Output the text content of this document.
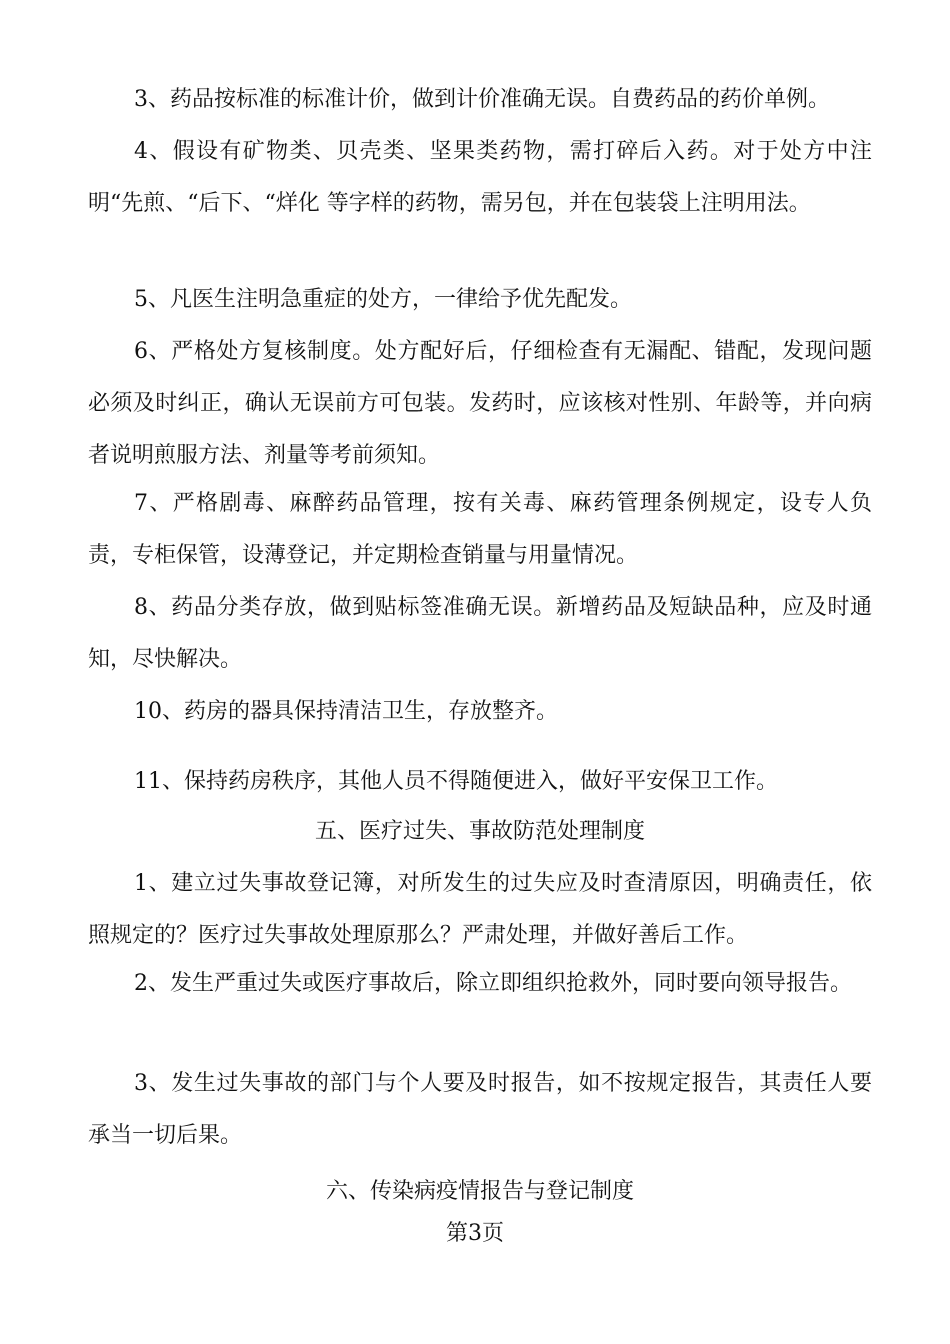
3、药品按标准的标准计价，做到计价准确无误。自费药品的药价单例。

4、假设有矿物类、贝壳类、坚果类药物，需打碎后入药。对于处方中注明“先煎、“后下、“烊化 等字样的药物，需另包，并在包装袋上注明用法。

5、凡医生注明急重症的处方，一律给予优先配发。

6、严格处方复核制度。处方配好后，仔细检查有无漏配、错配，发现问题必须及时纠正，确认无误前方可包装。发药时，应该核对性别、年龄等，并向病者说明煎服方法、剂量等考前须知。

7、严格剧毒、麻醉药品管理，按有关毒、麻药管理条例规定，设专人负责，专柜保管，设薄登记，并定期检查销量与用量情况。

8、药品分类存放，做到贴标签准确无误。新增药品及短缺品种，应及时通知，尽快解决。

10、药房的器具保持清洁卫生，存放整齐。

11、保持药房秩序，其他人员不得随便进入，做好平安保卫工作。

五、医疗过失、事故防范处理制度

1、建立过失事故登记簿，对所发生的过失应及时查清原因，明确责任，依照规定的？医疗过失事故处理原那么？严肃处理，并做好善后工作。

2、发生严重过失或医疗事故后，除立即组织抢救外，同时要向领导报告。

3、发生过失事故的部门与个人要及时报告，如不按规定报告，其责任人要承当一切后果。

六、传染病疫情报告与登记制度
第3页
